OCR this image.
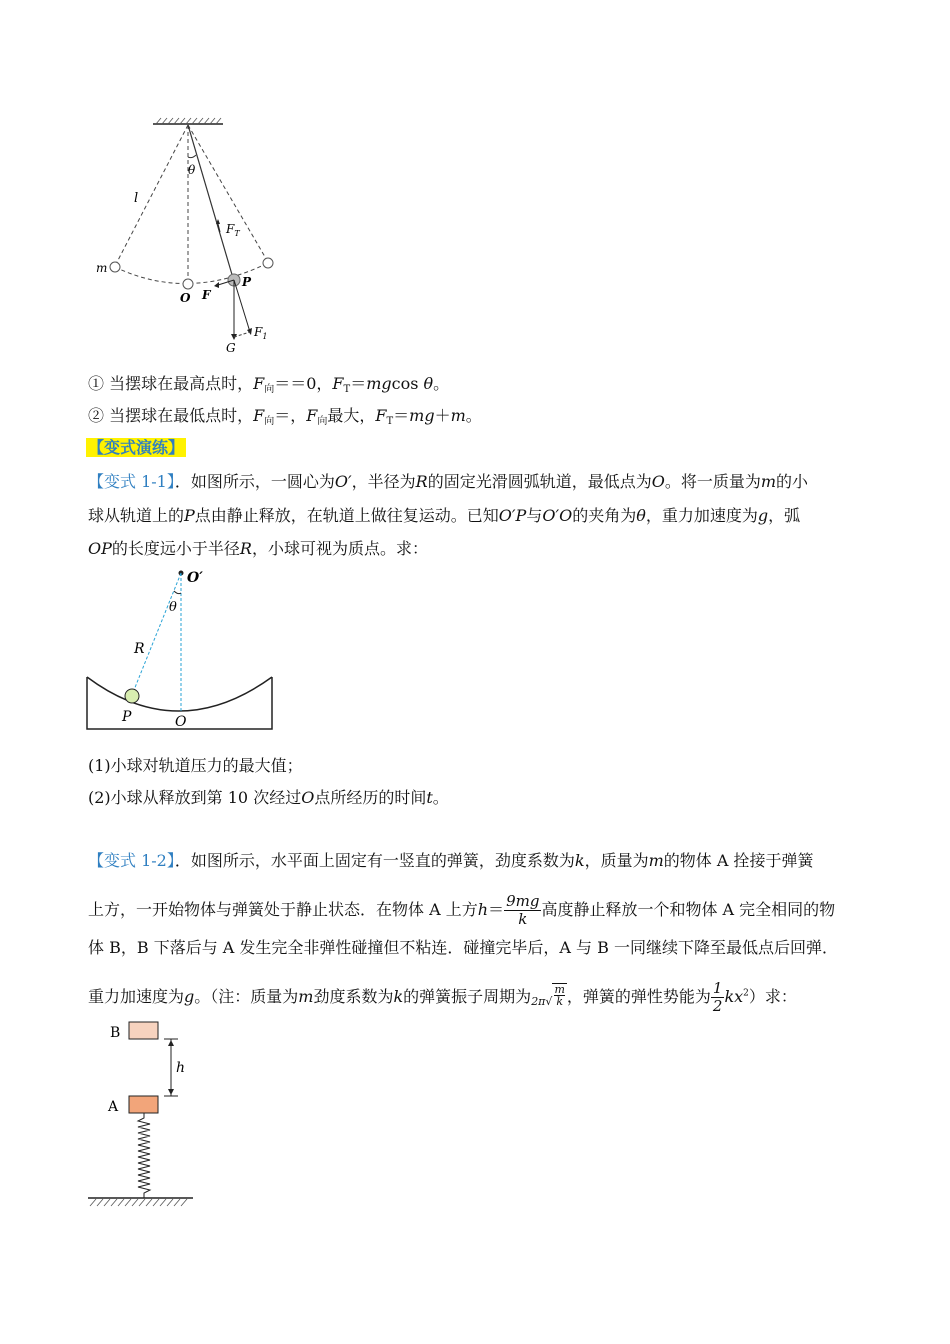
l
θ
$F_T$
m
O F
P
G
$F_1$
① 当摆球在最高点时，$F_向==0$，$F_T=mgcos$ θ。
② 当摆球在最低点时，$F_向=$，$F_向$最大，$F_T=mg+m$。
【变式演练】
【变式 1-1】．如图所示，一圆心为O′，半径为R的固定光滑圆弧轨道，最低点为O。将一质量为m的小
球从轨道上的P点由静止释放，在轨道上做往复运动。已知O′P与O′O的夹角为θ，重力加速度为g，弧
OP的长度远小于半径R，小球可视为质点。求：
O′
θ
R
P	O
(1)小球对轨道压力的最大值；
(2)小球从释放到第 10 次经过O点所经历的时间t。
【变式 1-2】．如图所示，水平面上固定有一竖直的弹簧，劲度系数为k，质量为m的物体 A 拴接于弹簧
上方，一开始物体与弹簧处于静止状态．在物体 A 上方$h= \frac{9mg}{k}$ 高度静止释放一个和物体 A 完全相同的物
体 B，B 下落后与 A 发生完全非弹性碰撞但不粘连．碰撞完毕后，A 与 B 一同继续下降至最低点后回弹．
重力加速度为g。（注：质量为m劲度系数为k的弹簧振子周期为$2\pi√ \frac{m}{k}$ ，弹簧的弹性势能为 $\frac{1}{2} kx^2$）求：
B
h
A
